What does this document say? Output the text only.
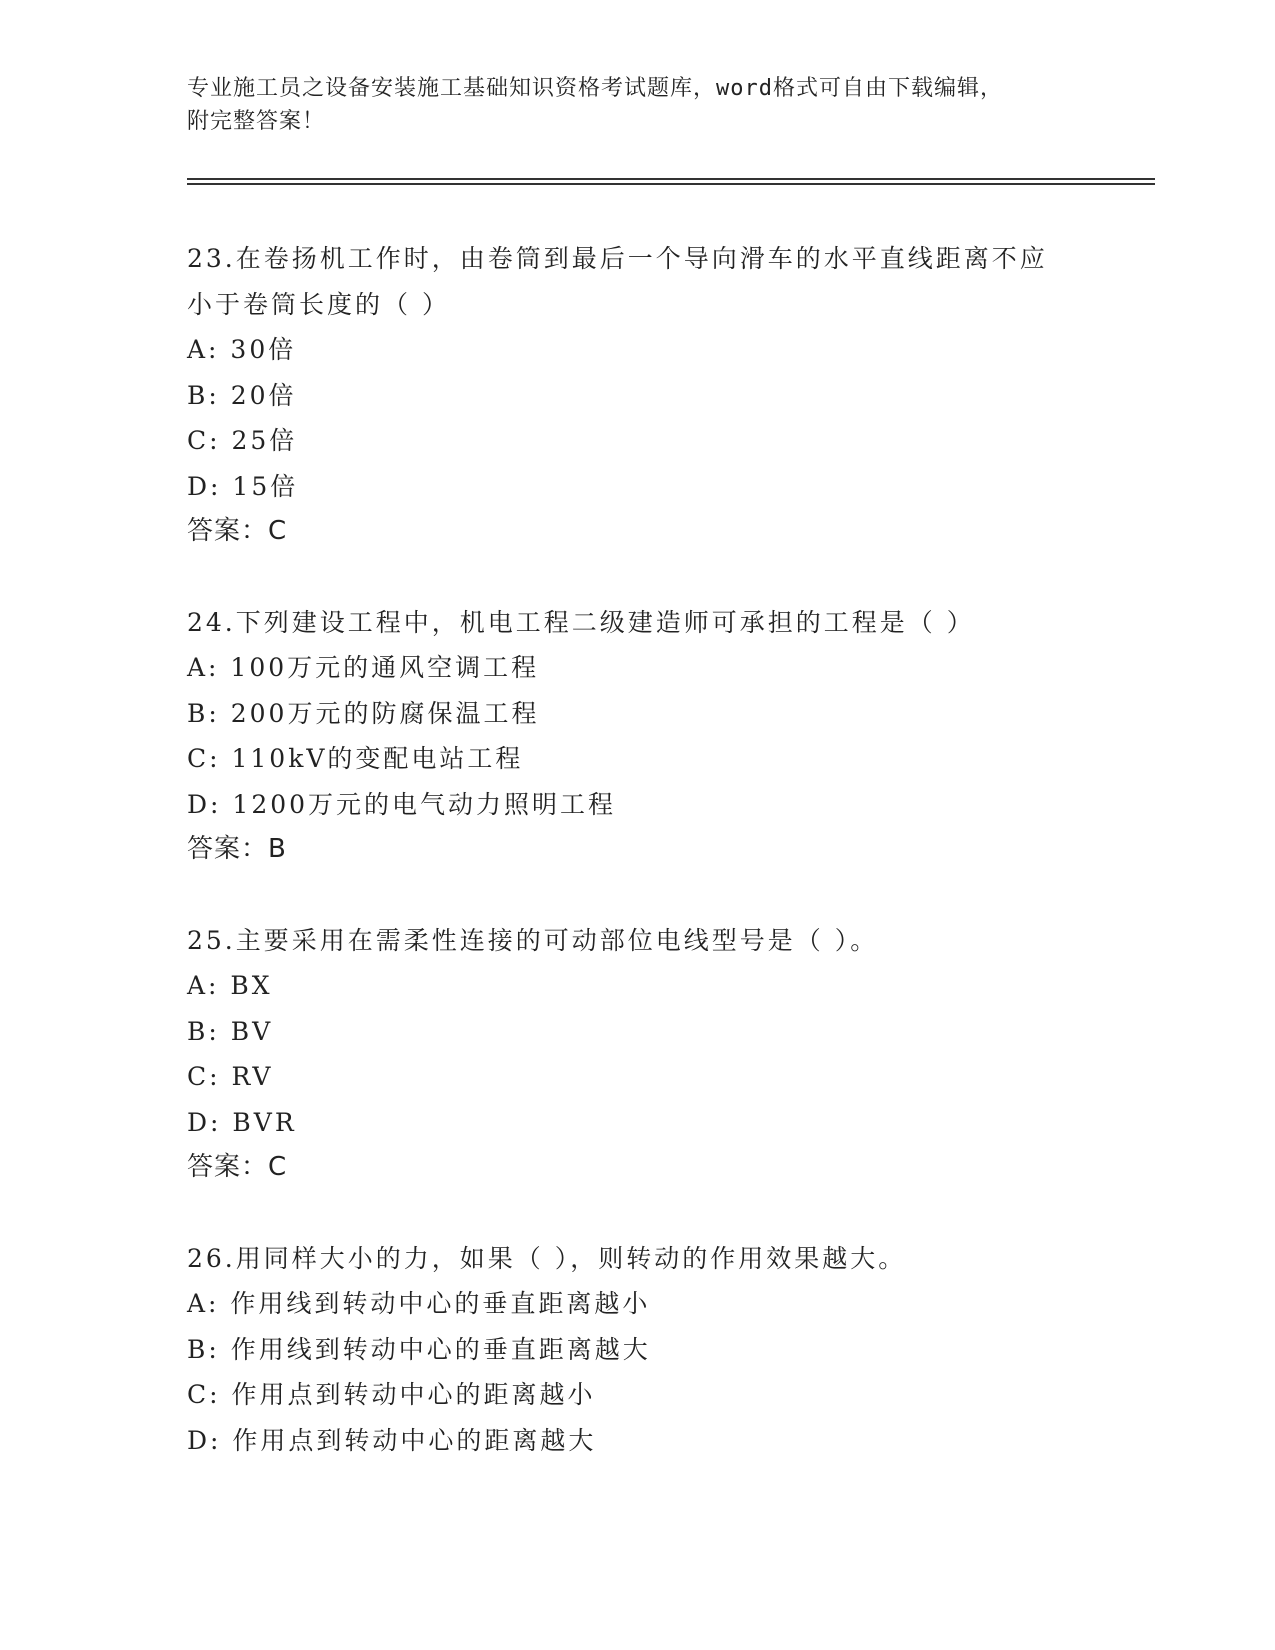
专业施工员之设备安装施工基础知识资格考试题库，word格式可自由下载编辑，
附完整答案！
23.在卷扬机工作时，由卷筒到最后一个导向滑车的水平直线距离不应
小于卷筒长度的（ ）
A: 30倍
B: 20倍
C: 25倍
D: 15倍
答案：C
24.下列建设工程中，机电工程二级建造师可承担的工程是（ ）
A: 100万元的通风空调工程
B: 200万元的防腐保温工程
C: 110kV的变配电站工程
D: 1200万元的电气动力照明工程
答案：B
25.主要采用在需柔性连接的可动部位电线型号是（ ）。
A: BX
B: BV
C: RV
D: BVR
答案：C
26.用同样大小的力，如果（ ），则转动的作用效果越大。
A: 作用线到转动中心的垂直距离越小
B: 作用线到转动中心的垂直距离越大
C: 作用点到转动中心的距离越小
D: 作用点到转动中心的距离越大
